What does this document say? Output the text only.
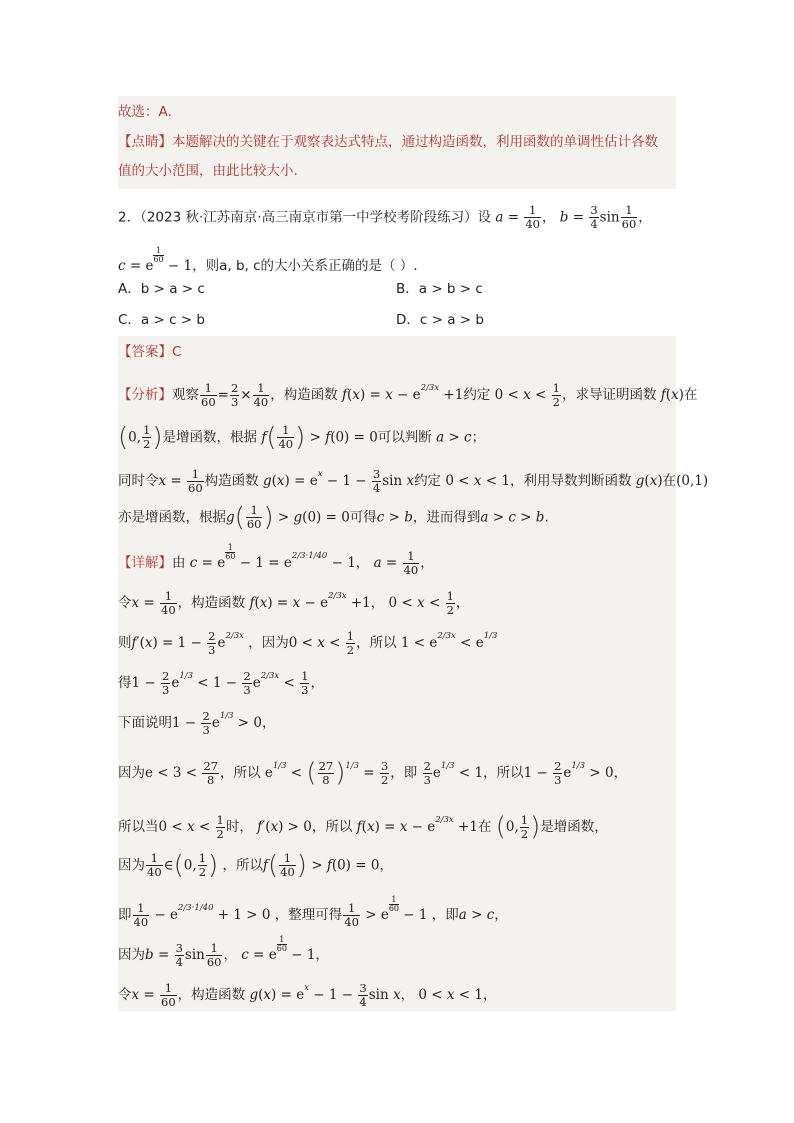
故选：A.
【点睛】本题解决的关键在于观察表达式特点，通过构造函数，利用函数的单调性估计各数
值的大小范围，由此比较大小.
2．（2023 秋·江苏南京·高三南京市第一中学校考阶段练习）设 $a = \frac{1}{40}$ ， $b = \frac{3}{4}$ $\sin \frac{1}{60}$ ，
c = e
$\frac{1}{60}$
− 1，则a, b, c的大小关系正确的是（ ）.
A．b > a > c	B．a > b > c
C．a > c > b	D．c > a > b
【答案】C
【分析】观察 $\frac{1}{60} = \frac{2}{3} \times \frac{1}{40}$ ，构造函数 $f(x) = x - e^{2/3x} +1$约定 $0 < x < \frac{1}{2}$ ，求导证明函数 f(x)在
(0, $\frac{1}{2}$ )是增函数，根据 $f( \frac{1}{40}$ ) > f(0) = 0可以判断 a > c；
同时令$x = \frac{1}{60}$ 构造函数 $g(x) = e^x - 1 - \frac{3}{4}$ sin x约定 0 < x < 1，利用导数判断函数 g(x)在(0,1)
亦是增函数，根据$g( \frac{1}{60}$ ) > g(0) = 0可得c > b，进而得到a > c > b.
【详解】由 c = e
$\frac{1}{60}$
− $1 = e^{2/3\cdot 1/40} - 1$， $a = \frac{1}{40}$ ，
令$x = \frac{1}{40}$ ，构造函数 $f(x) = x - e^{2/3x} +1$， $0 < x < \frac{1}{2}$ ，
则$f'(x) = 1 - \frac{2}{3} e^{2/3x}$ ，因为$0 < x < \frac{1}{2}$ ，所以 $1 < e^{2/3x} < e^{1/3}$
得$1 - \frac{2}{3} e^{1/3} < 1 - \frac{2}{3} e^{2/3x} < \frac{1}{3}$ ，
下面说明$1 - \frac{2}{3} e^{1/3} > 0$，
因为$e < 3 < \frac{27}{8}$ ，所以 $e^{1/3}$ < ( $\frac{27}{8} )^{1/3} = \frac{3}{2}$ ，即 $\frac{2}{3} e^{1/3} < 1$，所以$1 - \frac{2}{3} e^{1/3} > 0$，
所以当$0 < x < \frac{1}{2}$ 时， f′(x) > 0，所以 $f(x) = x - e^{2/3x} +1$在 (0, $\frac{1}{2}$ )是增函数，
因为 $\frac{1}{40}$ ∈(0, $\frac{1}{2}$ ) ，所以$f( \frac{1}{40}$ ) > f(0) = 0，
即 $\frac{1}{40} - e^{2/3\cdot 1/40} + 1 > 0$ ，整理可得 $\frac{1}{40} > e$
$\frac{1}{60}$
− 1 ，即a > c，
因为$b = \frac{3}{4}$ $\sin \frac{1}{60}$ ， c = e
$\frac{1}{60}$
− 1，
令$x = \frac{1}{60}$ ，构造函数 $g(x) = e^x - 1 - \frac{3}{4}$ sin x， 0 < x < 1，
